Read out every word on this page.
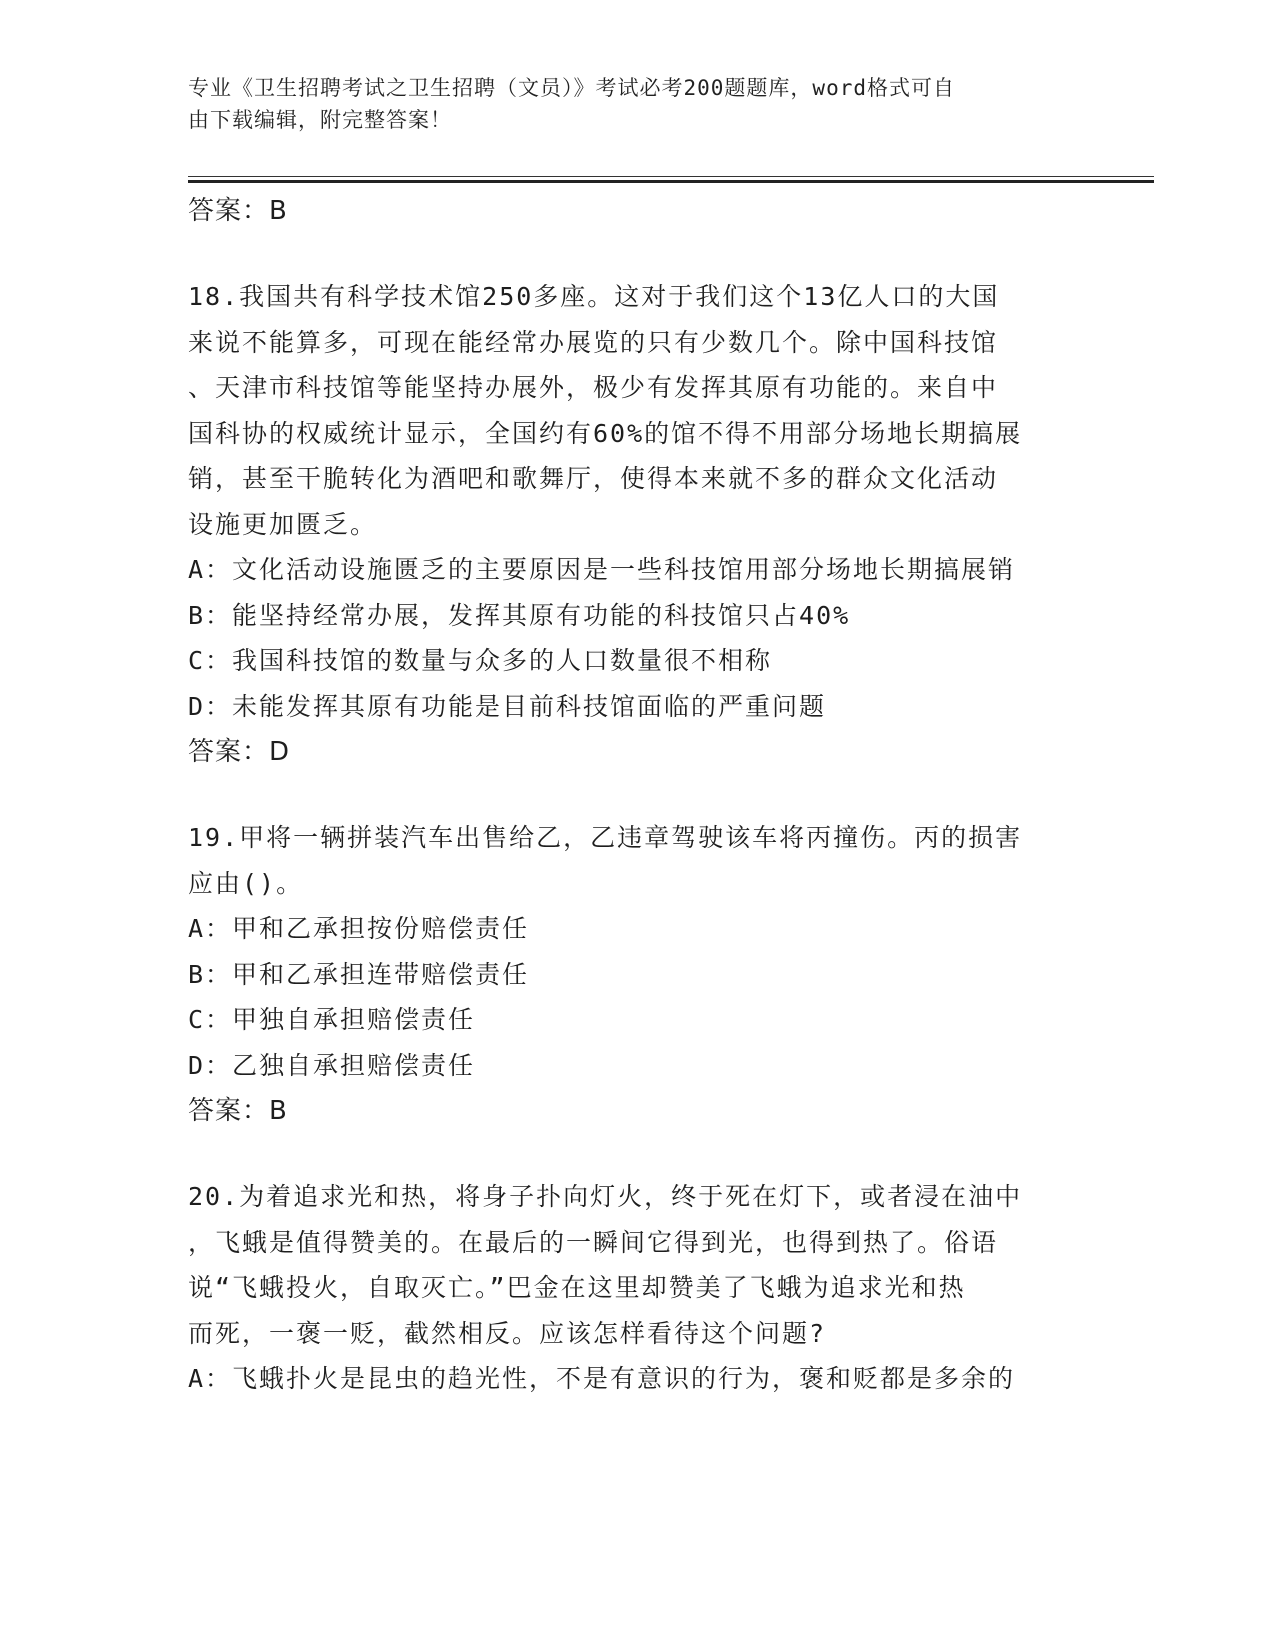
专业《卫生招聘考试之卫生招聘（文员）》考试必考200题题库，word格式可自
由下载编辑，附完整答案！
答案：B
18.我国共有科学技术馆250多座。这对于我们这个13亿人口的大国
来说不能算多，可现在能经常办展览的只有少数几个。除中国科技馆
、天津市科技馆等能坚持办展外，极少有发挥其原有功能的。来自中
国科协的权威统计显示，全国约有60%的馆不得不用部分场地长期搞展
销，甚至干脆转化为酒吧和歌舞厅，使得本来就不多的群众文化活动
设施更加匮乏。
A：文化活动设施匮乏的主要原因是一些科技馆用部分场地长期搞展销
B：能坚持经常办展，发挥其原有功能的科技馆只占40%
C：我国科技馆的数量与众多的人口数量很不相称
D：未能发挥其原有功能是目前科技馆面临的严重问题
答案：D
19.甲将一辆拼装汽车出售给乙，乙违章驾驶该车将丙撞伤。丙的损害
应由()。
A：甲和乙承担按份赔偿责任
B：甲和乙承担连带赔偿责任
C：甲独自承担赔偿责任
D：乙独自承担赔偿责任
答案：B
20.为着追求光和热，将身子扑向灯火，终于死在灯下，或者浸在油中
，飞蛾是值得赞美的。在最后的一瞬间它得到光，也得到热了。俗语
说“飞蛾投火，自取灭亡。”巴金在这里却赞美了飞蛾为追求光和热
而死，一褒一贬，截然相反。应该怎样看待这个问题?
A：飞蛾扑火是昆虫的趋光性，不是有意识的行为，褒和贬都是多余的
